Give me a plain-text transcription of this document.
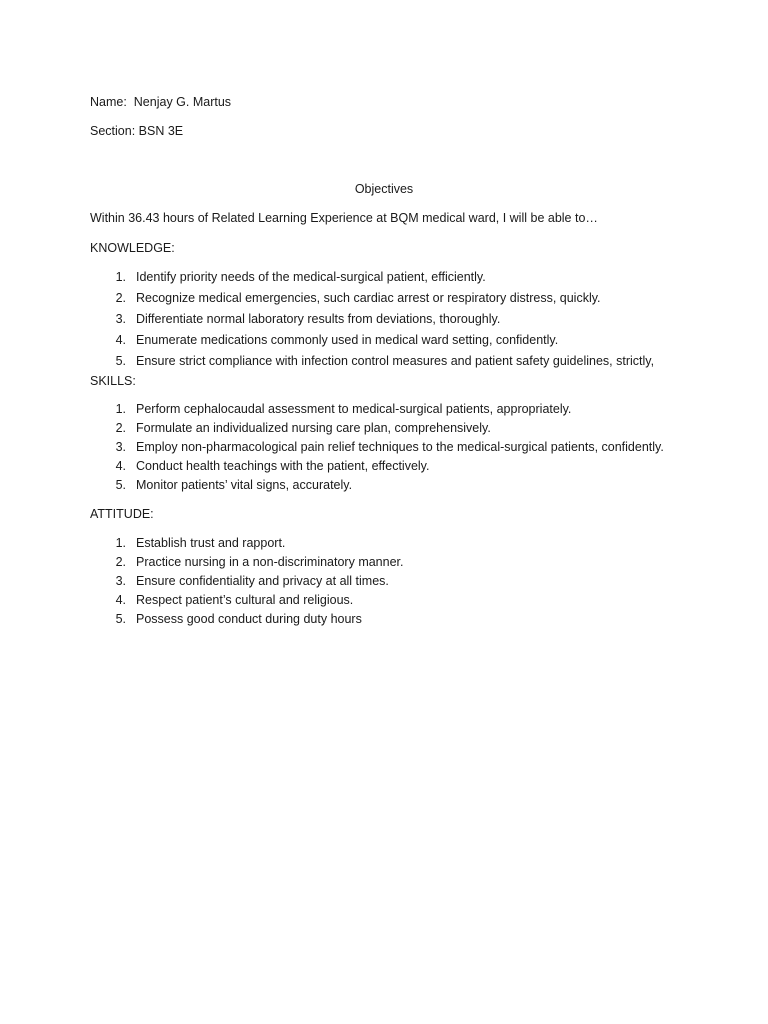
Name: Nenjay G. Martus
Section: BSN 3E
Objectives
Within 36.43 hours of Related Learning Experience at BQM medical ward, I will be able to…
KNOWLEDGE:
1. Identify priority needs of the medical-surgical patient, efficiently.
2. Recognize medical emergencies, such cardiac arrest or respiratory distress, quickly.
3. Differentiate normal laboratory results from deviations, thoroughly.
4. Enumerate medications commonly used in medical ward setting, confidently.
5. Ensure strict compliance with infection control measures and patient safety guidelines, strictly,
SKILLS:
1. Perform cephalocaudal assessment to medical-surgical patients, appropriately.
2. Formulate an individualized nursing care plan, comprehensively.
3. Employ non-pharmacological pain relief techniques to the medical-surgical patients, confidently.
4. Conduct health teachings with the patient, effectively.
5. Monitor patients’ vital signs, accurately.
ATTITUDE:
1. Establish trust and rapport.
2. Practice nursing in a non-discriminatory manner.
3. Ensure confidentiality and privacy at all times.
4. Respect patient’s cultural and religious.
5. Possess good conduct during duty hours
